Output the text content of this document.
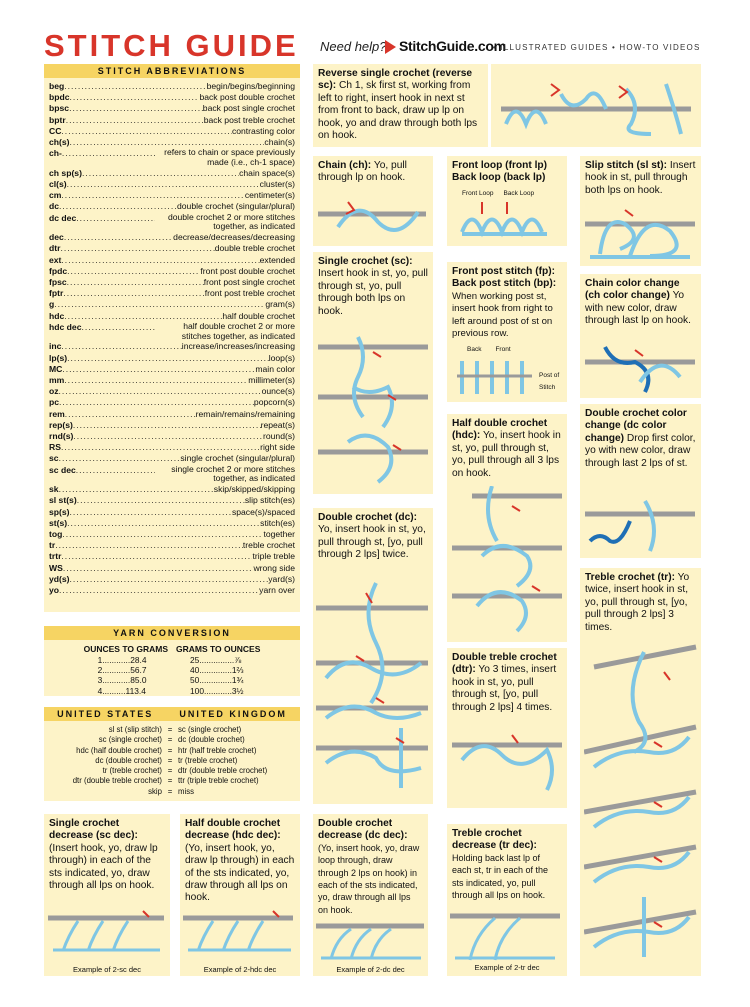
STITCH GUIDE Need help? StitchGuide.com
• ILLUSTRATED GUIDES • HOW-TO VIDEOS
STITCH ABBREVIATIONS
beg .....	begin/begins/beginning
bpdc .....	back post double crochet
bpsc .....	back post single crochet
bptr .....	back post treble crochet
CC .....	contrasting color
ch(s) .....	chain(s)
ch- .....	refers to chain or space previously made (i.e., ch-1 space)
ch sp(s) .....	chain space(s)
cl(s) .....	cluster(s)
cm .....	centimeter(s)
dc .....	double crochet (singular/plural)
dc dec .....	double crochet 2 or more stitches together, as indicated
dec .....	decrease/decreases/decreasing
dtr .....	double treble crochet
ext .....	extended
fpdc .....	front post double crochet
fpsc .....	front post single crochet
fptr .....	front post treble crochet
g .....	gram(s)
hdc .....	half double crochet
hdc dec .....	half double crochet 2 or more stitches together, as indicated
inc .....	increase/increases/increasing
lp(s) .....	loop(s)
MC .....	main color
mm .....	millimeter(s)
oz .....	ounce(s)
pc .....	popcorn(s)
rem .....	remain/remains/remaining
rep(s) .....	repeat(s)
rnd(s) .....	round(s)
RS .....	right side
sc .....	single crochet (singular/plural)
sc dec .....	single crochet 2 or more stitches together, as indicated
sk .....	skip/skipped/skipping
sl st(s) .....	slip stitch(es)
sp(s) .....	space(s)/spaced
st(s) .....	stitch(es)
tog .....	together
tr .....	treble crochet
trtr .....	triple treble
WS .....	wrong side
yd(s) .....	yard(s)
yo .....	yarn over
YARN CONVERSION
OUNCES TO GRAMS
1............28.4
2............56.7
3............85.0
4..........113.4
GRAMS TO OUNCES
25...............⅞
40..............1⅔
50..............1¾
100............3½
UNITED STATES	UNITED KINGDOM
sl st (slip stitch) = sc (single crochet)
sc (single crochet) = dc (double crochet)
hdc (half double crochet) = htr (half treble crochet)
dc (double crochet) = tr (treble crochet)
tr (treble crochet) = dtr (double treble crochet)
dtr (double treble crochet) = ttr (triple treble crochet)
skip = miss
Reverse single crochet (reverse sc): Ch 1, sk first st, working from left to right, insert hook in next st from front to back, draw up lp on hook, yo and draw through both lps on hook.
Chain (ch): Yo, pull through lp on hook.
Single crochet (sc): Insert hook in st, yo, pull through st, yo, pull through both lps on hook.
Double crochet (dc): Yo, insert hook in st, yo, pull through st, [yo, pull through 2 lps] twice.
Double crochet decrease (dc dec): (Yo, insert hook, yo, draw loop through, draw through 2 lps on hook) in each of the sts indicated, yo, draw through all lps on hook.
Example of 2-dc dec
Front loop (front lp) Back loop (back lp)
Front Loop Back Loop
Front post stitch (fp): Back post stitch (bp): When working post st, insert hook from right to left around post of st on previous row.
Back Front
Post of Stitch
Half double crochet (hdc): Yo, insert hook in st, yo, pull through st, yo, pull through all 3 lps on hook.
Double treble crochet (dtr): Yo 3 times, insert hook in st, yo, pull through st, [yo, pull through 2 lps] 4 times.
Treble crochet decrease (tr dec): Holding back last lp of each st, tr in each of the sts indicated, yo, pull through all lps on hook.
Example of 2-tr dec
Slip stitch (sl st): Insert hook in st, pull through both lps on hook.
Chain color change (ch color change) Yo with new color, draw through last lp on hook.
Double crochet color change (dc color change) Drop first color, yo with new color, draw through last 2 lps of st.
Treble crochet (tr): Yo twice, insert hook in st, yo, pull through st, [yo, pull through 2 lps] 3 times.
Single crochet decrease (sc dec): (Insert hook, yo, draw lp through) in each of the sts indicated, yo, draw through all lps on hook.
Example of 2-sc dec
Half double crochet decrease (hdc dec): (Yo, insert hook, yo, draw lp through) in each of the sts indicated, yo, draw through all lps on hook.
Example of 2-hdc dec
